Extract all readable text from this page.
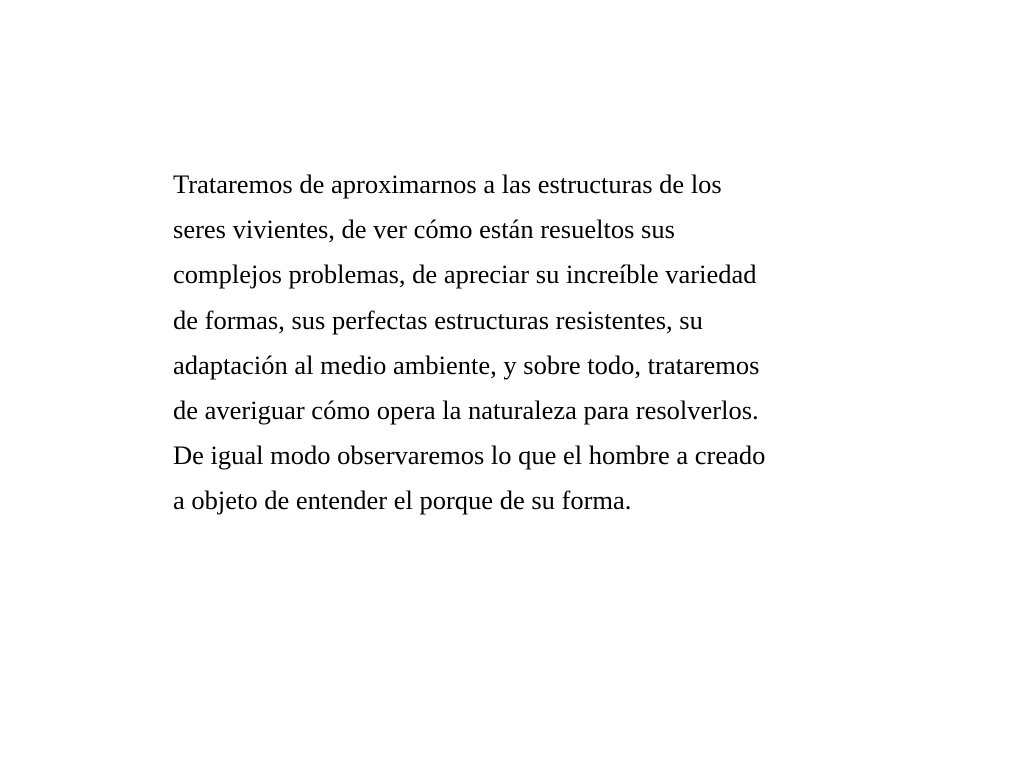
Trataremos de aproximarnos a las estructuras de los
seres vivientes, de ver cómo están resueltos sus
complejos problemas, de apreciar su increíble variedad
de formas, sus perfectas estructuras resistentes, su
adaptación al medio ambiente, y sobre todo, trataremos
de averiguar cómo opera la naturaleza para resolverlos.
De igual modo observaremos lo que el hombre a creado
a objeto de entender el porque de su forma.
